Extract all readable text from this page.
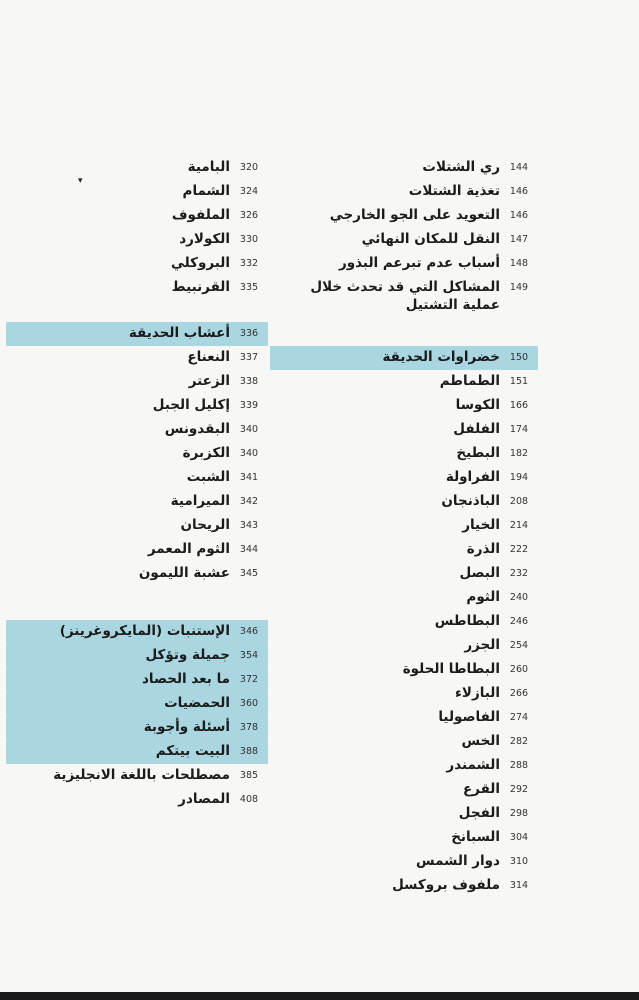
144
ري الشتلات
146
تغذية الشتلات
146
التعويد على الجو الخارجي
147
النقل للمكان النهائي
148
أسباب عدم تبرعم البذور
149
المشاكل التي قد تحدث خلال عملية التشتيل
150
خضراوات الحديقة
151
الطماطم
166
الكوسا
174
الفلفل
182
البطيخ
194
الفراولة
208
الباذنجان
214
الخيار
222
الذرة
232
البصل
240
الثوم
246
البطاطس
254
الجزر
260
البطاطا الحلوة
266
البازلاء
274
الفاصوليا
282
الخس
288
الشمندر
292
القرع
298
الفجل
304
السبانخ
310
دوار الشمس
314
ملفوف بروكسل
320
البامية
324
الشمام
326
الملفوف
330
الكولارد
332
البروكلي
335
القرنبيط
336
أعشاب الحديقة
337
النعناع
338
الزعتر
339
إكليل الجبل
340
البقدونس
340
الكزبرة
341
الشبت
342
الميرامية
343
الريحان
344
الثوم المعمر
345
عشبة الليمون
346
الإستنبات (المايكروغرينز)
354
جميلة وتؤكل
372
ما بعد الحصاد
360
الحمضيات
378
أسئلة وأجوبة
388
البيت بيتكم
385
مصطلحات باللغة الانجليزية
408
المصادر
▾
